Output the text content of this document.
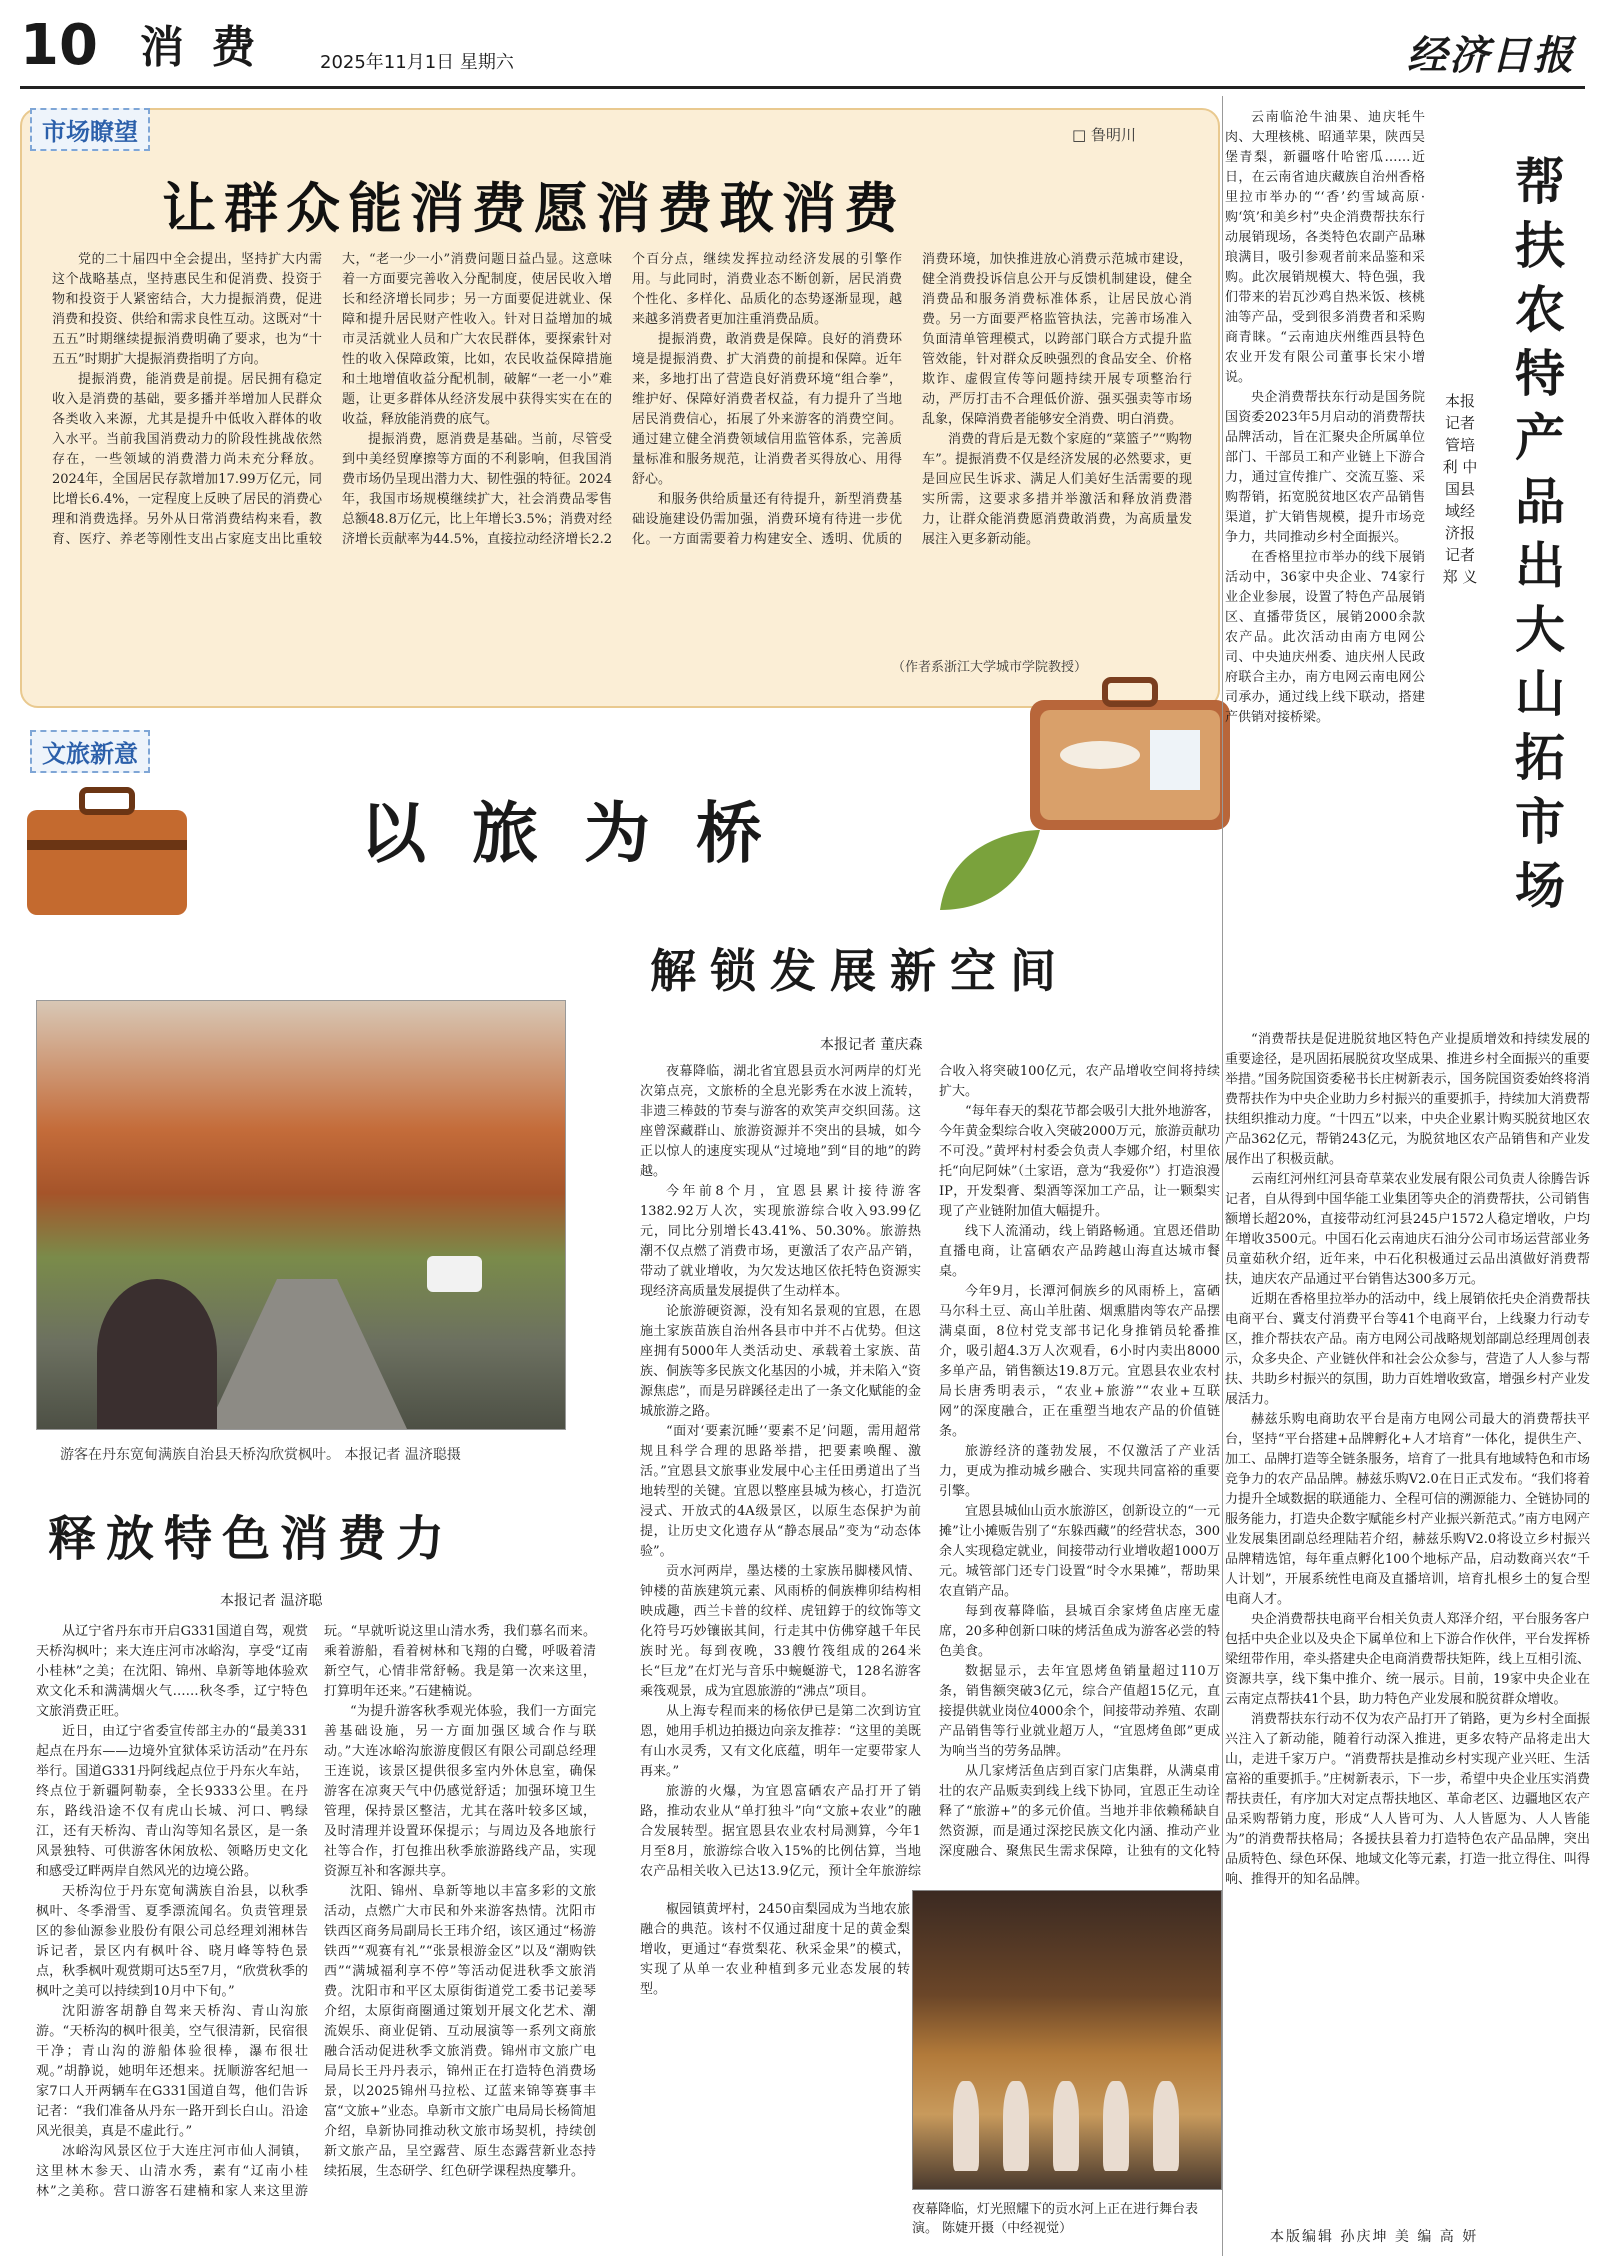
10 消 费	2025年11月1日 星期六	经济日报
市场瞭望	□ 鲁明川
让群众能消费愿消费敢消费

党的二十届四中全会提出，坚持扩大内需这个战略基点，坚持惠民生和促消费、投资于物和投资于人紧密结合，大力提振消费，促进消费和投资、供给和需求良性互动。这既对“十五五”时期继续提振消费明确了要求，也为“十五五”时期扩大提振消费指明了方向。

提振消费，能消费是前提。居民拥有稳定收入是消费的基础，要多播并举增加人民群众各类收入来源，尤其是提升中低收入群体的收入水平。当前我国消费动力的阶段性挑战依然存在，一些领域的消费潜力尚未充分释放。2024年，全国居民存款增加17.99万亿元，同比增长6.4%，一定程度上反映了居民的消费心理和消费选择。另外从日常消费结构来看，教育、医疗、养老等刚性支出占家庭支出比重较大，“老一少一小”消费问题日益凸显。这意味着一方面要完善收入分配制度，使居民收入增长和经济增长同步；另一方面要促进就业、保障和提升居民财产性收入。针对日益增加的城市灵活就业人员和广大农民群体，要探索针对性的收入保障政策，比如，农民收益保障措施和土地增值收益分配机制，破解“一老一小”难题，让更多群体从经济发展中获得实实在在的收益，释放能消费的底气。

提振消费，愿消费是基础。当前，尽管受到中美经贸摩擦等方面的不利影响，但我国消费市场仍呈现出潜力大、韧性强的特征。2024年，我国市场规模继续扩大，社会消费品零售总额48.8万亿元，比上年增长3.5%；消费对经济增长贡献率为44.5%，直接拉动经济增长2.2个百分点，继续发挥拉动经济发展的引擎作用。与此同时，消费业态不断创新，居民消费个性化、多样化、品质化的态势逐渐显现，越来越多消费者更加注重消费品质。

提振消费，敢消费是保障。良好的消费环境是提振消费、扩大消费的前提和保障。近年来，多地打出了营造良好消费环境“组合拳”，维护好、保障好消费者权益，有力提升了当地居民消费信心，拓展了外来游客的消费空间。通过建立健全消费领域信用监管体系，完善质量标准和服务规范，让消费者买得放心、用得舒心。

和服务供给质量还有待提升，新型消费基础设施建设仍需加强，消费环境有待进一步优化。一方面需要着力构建安全、透明、优质的消费环境，加快推进放心消费示范城市建设，健全消费投诉信息公开与反馈机制建设，健全消费品和服务消费标准体系，让居民放心消费。另一方面要严格监管执法，完善市场准入负面清单管理模式，以跨部门联合方式提升监管效能，针对群众反映强烈的食品安全、价格欺诈、虚假宣传等问题持续开展专项整治行动，严厉打击不合理低价游、强买强卖等市场乱象，保障消费者能够安全消费、明白消费。

消费的背后是无数个家庭的“菜篮子”“购物车”。提振消费不仅是经济发展的必然要求，更是回应民生诉求、满足人们美好生活需要的现实所需，这要求多措并举激活和释放消费潜力，让群众能消费愿消费敢消费，为高质量发展注入更多新动能。

（作者系浙江大学城市学院教授）
文旅新意
以旅为桥
解锁发展新空间
游客在丹东宽甸满族自治县天桥沟欣赏枫叶。 本报记者 温济聪摄
释放特色消费力
本报记者 温济聪

从辽宁省丹东市开启G331国道自驾，观赏天桥沟枫叶；来大连庄河市冰峪沟，享受“辽南小桂林”之美；在沈阳、锦州、阜新等地体验欢欢文化禾和满满烟火气……秋冬季，辽宁特色文旅消费正旺。

近日，由辽宁省委宣传部主办的“最美331起点在丹东——边境外宜狱体采访活动”在丹东举行。国道G331丹阿线起点位于丹东火车站，终点位于新疆阿勒泰，全长9333公里。在丹东，路线沿途不仅有虎山长城、河口、鸭绿江，还有天桥沟、青山沟等知名景区，是一条风景独特、可供游客休闲放松、领略历史文化和感受辽畔两岸自然风光的边境公路。

天桥沟位于丹东宽甸满族自治县，以秋季枫叶、冬季滑雪、夏季漂流闻名。负责管理景区的参仙源参业股份有限公司总经理刘湘林告诉记者，景区内有枫叶谷、晓月峰等特色景点，秋季枫叶观赏期可达5至7月，“欣赏秋季的枫叶之美可以持续到10月中下旬。”

沈阳游客胡静自驾来天桥沟、青山沟旅游。“天桥沟的枫叶很美，空气很清新，民宿很干净；青山沟的游船体验很棒，瀑布很壮观。”胡静说，她明年还想来。抚顺游客纪旭一家7口人开两辆车在G331国道自驾，他们告诉记者：“我们准备从丹东一路开到长白山。沿途风光很美，真是不虚此行。”

冰峪沟风景区位于大连庄河市仙人洞镇，这里林木参天、山清水秀，素有“辽南小桂林”之美称。营口游客石建楠和家人来这里游玩。“早就听说这里山清水秀，我们慕名而来。乘着游船，看着树林和飞翔的白鹭，呼吸着清新空气，心情非常舒畅。我是第一次来这里，打算明年还来。”石建楠说。

“为提升游客秋季观光体验，我们一方面完善基础设施，另一方面加强区域合作与联动。”大连冰峪沟旅游度假区有限公司副总经理王连说，该景区提供很多室内外休息室，确保游客在凉爽天气中仍感觉舒适；加强环境卫生管理，保持景区整洁，尤其在落叶较多区域，及时清理并设置环保提示；与周边及各地旅行社等合作，打包推出秋季旅游路线产品，实现资源互补和客源共享。

沈阳、锦州、阜新等地以丰富多彩的文旅活动，点燃广大市民和外来游客热情。沈阳市铁西区商务局副局长王玮介绍，该区通过“杨游铁西”“观赛有礼”“张景根游金区”以及“潮购铁西”“满城福利享不停”等活动促进秋季文旅消费。沈阳市和平区太原街街道党工委书记姜琴介绍，太原街商圈通过策划开展文化艺术、潮流娱乐、商业促销、互动展演等一系列文商旅融合活动促进秋季文旅消费。锦州市文旅广电局局长王丹丹表示，锦州正在打造特色消费场景，以2025锦州马拉松、辽蓝来锦等赛事丰富“文旅+”业态。阜新市文旅广电局局长杨简旭介绍，阜新协同推动秋文旅市场契机，持续创新文旅产品，呈空露营、原生态露营新业态持续拓展，生态研学、红色研学课程热度攀升。

本报记者 董庆森

夜幕降临，湖北省宜恩县贡水河两岸的灯光次第点亮，文旅桥的全息光影秀在水波上流转，非遗三棒鼓的节奏与游客的欢笑声交织回荡。这座曾深藏群山、旅游资源并不突出的县城，如今正以惊人的速度实现从“过境地”到“目的地”的跨越。

今年前8个月，宜恩县累计接待游客1382.92万人次，实现旅游综合收入93.99亿元，同比分别增长43.41%、50.30%。旅游热潮不仅点燃了消费市场，更激活了农产品产销，带动了就业增收，为欠发达地区依托特色资源实现经济高质量发展提供了生动样本。

论旅游硬资源，没有知名景观的宜恩，在恩施土家族苗族自治州各县市中并不占优势。但这座拥有5000年人类活动史、承载着土家族、苗族、侗族等多民族文化基因的小城，并未陷入“资源焦虑”，而是另辟蹊径走出了一条文化赋能的金城旅游之路。

“面对‘要素沉睡’‘要素不足’问题，需用超常规且科学合理的思路举措，把要素唤醒、激活。”宜恩县文旅事业发展中心主任田勇道出了当地转型的关键。宜恩以整座县城为核心，打造沉浸式、开放式的4A级景区，以原生态保护为前提，让历史文化遗存从“静态展品”变为“动态体验”。

贡水河两岸，墨达楼的土家族吊脚楼风情、钟楼的苗族建筑元素、风雨桥的侗族榫卯结构相映成趣，西兰卡普的纹样、虎钮錞于的纹饰等文化符号巧妙镶嵌其间，行走其中仿佛穿越千年民族时光。每到夜晚，33艘竹筏组成的264米长“巨龙”在灯光与音乐中蜿蜒游弋，128名游客乘筏观景，成为宜恩旅游的“沸点”项目。

从上海专程而来的杨依伊已是第二次到访宜恩，她用手机边拍摄边向亲友推荐：“这里的美既有山水灵秀，又有文化底蕴，明年一定要带家人再来。”

旅游的火爆，为宜恩富硒农产品打开了销路，推动农业从“单打独斗”向“文旅+农业”的融合发展转型。据宜恩县农业农村局测算，今年1月至8月，旅游综合收入15%的比例估算，当地农产品相关收入已达13.9亿元，预计全年旅游综合收入将突破100亿元，农产品增收空间将持续扩大。

“每年春天的梨花节都会吸引大批外地游客，今年黄金梨综合收入突破2000万元，旅游贡献功不可没。”黄坪村村委会负责人李娜介绍，村里依托“向尼阿妹”（土家语，意为“我爱你”）打造浪漫IP，开发梨膏、梨酒等深加工产品，让一颗梨实现了产业链附加值大幅提升。

线下人流涌动，线上销路畅通。宜恩还借助直播电商，让富硒农产品跨越山海直达城市餐桌。

今年9月，长潭河侗族乡的风雨桥上，富硒马尔科土豆、高山羊肚菌、烟熏腊肉等农产品摆满桌面，8位村党支部书记化身推销员轮番推介，吸引超4.3万人次观看，6小时内卖出8000多单产品，销售额达19.8万元。宜恩县农业农村局长唐秀明表示，“农业+旅游”“农业+互联网”的深度融合，正在重塑当地农产品的价值链条。

旅游经济的蓬勃发展，不仅激活了产业活力，更成为推动城乡融合、实现共同富裕的重要引擎。

宜恩县城仙山贡水旅游区，创新设立的“一元摊”让小摊贩告别了“东躲西藏”的经营状态，300余人实现稳定就业，间接带动行业增收超1000万元。城管部门还专门设置“时令水果摊”，帮助果农直销产品。

每到夜幕降临，县城百余家烤鱼店座无虚席，20多种创新口味的烤活鱼成为游客必尝的特色美食。

数据显示，去年宜恩烤鱼销量超过110万条，销售额突破3亿元，综合产值超15亿元，直接提供就业岗位4000余个，间接带动养殖、农副产品销售等行业就业超万人，“宜恩烤鱼郎”更成为响当当的劳务品牌。

从几家烤活鱼店到百家门店集群，从满桌甫壮的农产品贩卖到线上线下协同，宜恩正生动诠释了“旅游+”的多元价值。当地并非依赖稀缺自然资源，而是通过深挖民族文化内涵、推动产业深度融合、聚焦民生需求保障，让独有的文化特

椒园镇黄坪村，2450亩梨园成为当地农旅融合的典范。该村不仅通过甜度十足的黄金梨增收，更通过“春赏梨花、秋采金果”的模式，实现了从单一农业种植到多元业态发展的转型。

夜幕降临，灯光照耀下的贡水河上正在进行舞台表演。 陈婕开摄（中经视觉）

云南临沧牛油果、迪庆牦牛肉、大理核桃、昭通苹果，陕西吴堡青梨，新疆喀什哈密瓜……近日，在云南省迪庆藏族自治州香格里拉市举办的“‘香’约雪域高原·购‘筑’和美乡村”央企消费帮扶东行动展销现场，各类特色农副产品琳琅满目，吸引参观者前来品鉴和采购。此次展销规模大、特色强，我们带来的岩瓦沙鸡自热米饭、核桃油等产品，受到很多消费者和采购商青睐。“云南迪庆州维西县特色农业开发有限公司董事长宋小增说。

央企消费帮扶东行动是国务院国资委2023年5月启动的消费帮扶品牌活动，旨在汇聚央企所属单位部门、干部员工和产业链上下游合力，通过宣传推广、交流互鉴、采购帮销，拓宽脱贫地区农产品销售渠道，扩大销售规模，提升市场竞争力，共同推动乡村全面振兴。

在香格里拉市举办的线下展销活动中，36家中央企业、74家行业企业参展，设置了特色产品展销区、直播带货区，展销2000余款农产品。此次活动由南方电网公司、中央迪庆州委、迪庆州人民政府联合主办，南方电网云南电网公司承办，通过线上线下联动，搭建产供销对接桥梁。

本报记者 管培利 中国县域经济报记者 郑 义
帮扶农特产品出大山拓市场

“消费帮扶是促进脱贫地区特色产业提质增效和持续发展的重要途径，是巩固拓展脱贫攻坚成果、推进乡村全面振兴的重要举措。”国务院国资委秘书长庄树新表示，国务院国资委始终将消费帮扶作为中央企业助力乡村振兴的重要抓手，持续加大消费帮扶组织推动力度。“十四五”以来，中央企业累计购买脱贫地区农产品362亿元，帮销243亿元，为脱贫地区农产品销售和产业发展作出了积极贡献。

云南红河州红河县奇草菜农业发展有限公司负责人徐腾告诉记者，自从得到中国华能工业集团等央企的消费帮扶，公司销售额增长超20%，直接带动红河县245户1572人稳定增收，户均年增收3500元。中国石化云南迪庆石油分公司市场运营部业务员童茹秋介绍，近年来，中石化积极通过云品出滇做好消费帮扶，迪庆农产品通过平台销售达300多万元。

近期在香格里拉举办的活动中，线上展销依托央企消费帮扶电商平台、冀支付消费平台等41个电商平台，上线聚力行动专区，推介帮扶农产品。南方电网公司战略规划部副总经理周创表示，众多央企、产业链伙伴和社会公众参与，营造了人人参与帮扶、共助乡村振兴的氛围，助力百姓增收致富，增强乡村产业发展活力。

赫兹乐购电商助农平台是南方电网公司最大的消费帮扶平台，坚持“平台搭建+品牌孵化+人才培育”一体化，提供生产、加工、品牌打造等全链条服务，培育了一批具有地域特色和市场竞争力的农产品品牌。赫兹乐购V2.0在日正式发布。“我们将着力提升全域数据的联通能力、全程可信的溯源能力、全链协同的服务能力，打造央企数字赋能乡村产业振兴新范式。”南方电网产业发展集团副总经理陆若介绍，赫兹乐购V2.0将设立乡村振兴品牌精选馆，每年重点孵化100个地标产品，启动数商兴农“千人计划”，开展系统性电商及直播培训，培育扎根乡土的复合型电商人才。

央企消费帮扶电商平台相关负责人郑泽介绍，平台服务客户包括中央企业以及央企下属单位和上下游合作伙伴，平台发挥桥梁纽带作用，牵头搭建央企电商消费帮扶矩阵，线上互相引流、资源共享，线下集中推介、统一展示。目前，19家中央企业在云南定点帮扶41个县，助力特色产业发展和脱贫群众增收。

消费帮扶东行动不仅为农产品打开了销路，更为乡村全面振兴注入了新动能，随着行动深入推进，更多农特产品将走出大山，走进千家万户。“消费帮扶是推动乡村实现产业兴旺、生活富裕的重要抓手。”庄树新表示，下一步，希望中央企业压实消费帮扶责任，有序加大对定点帮扶地区、革命老区、边疆地区农产品采购帮销力度，形成“人人皆可为、人人皆愿为、人人皆能为”的消费帮扶格局；各援扶县着力打造特色农产品品牌，突出品质特色、绿色环保、地域文化等元素，打造一批立得住、叫得响、推得开的知名品牌。

本版编辑 孙庆坤 美 编 高 妍
